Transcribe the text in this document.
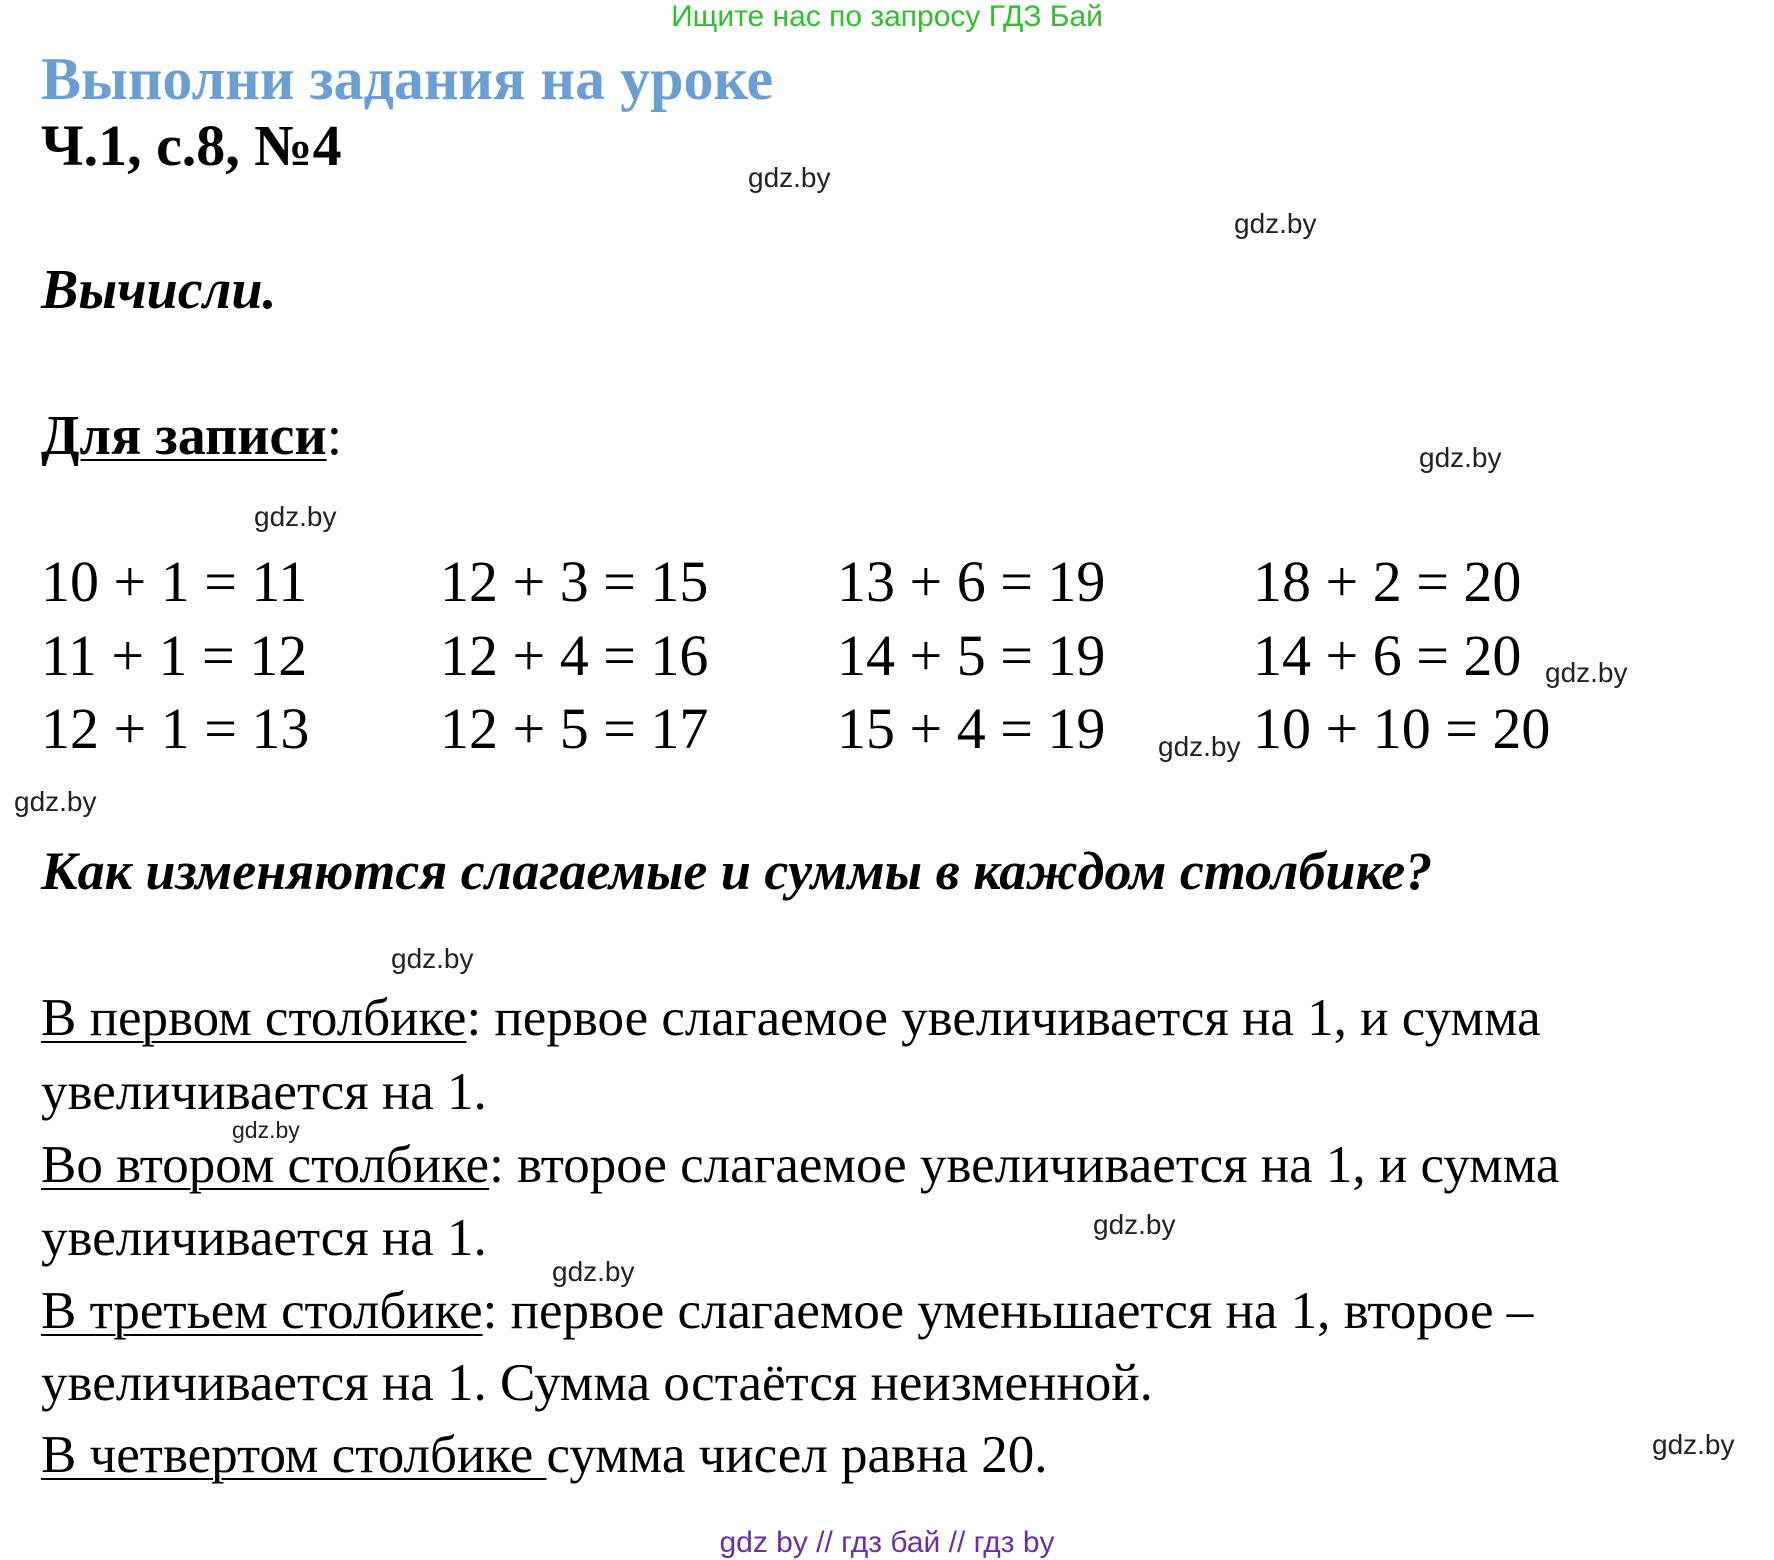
Ищите нас по запросу ГДЗ Бай
Выполни задания на уроке
Ч.1, с.8, №4
Вычисли.
Для записи:
10 + 1 = 11
11 + 1 = 12
12 + 1 = 13
12 + 3 = 15
12 + 4 = 16
12 + 5 = 17
13 + 6 = 19
14 + 5 = 19
15 + 4 = 19
18 + 2 = 20
14 + 6 = 20
10 + 10 = 20
Как изменяются слагаемые и суммы в каждом столбике?
В первом столбике: первое слагаемое увеличивается на 1, и сумма
увеличивается на 1.
Во втором столбике: второе слагаемое увеличивается на 1, и сумма
увеличивается на 1.
В третьем столбике: первое слагаемое уменьшается на 1, второе –
увеличивается на 1. Сумма остаётся неизменной.
В четвертом столбике сумма чисел равна 20.
gdz.by
gdz.by
gdz.by
gdz.by
gdz.by
gdz.by
gdz.by
gdz.by
gdz.by
gdz.by
gdz.by
gdz.by
gdz by // гдз бай // гдз by
